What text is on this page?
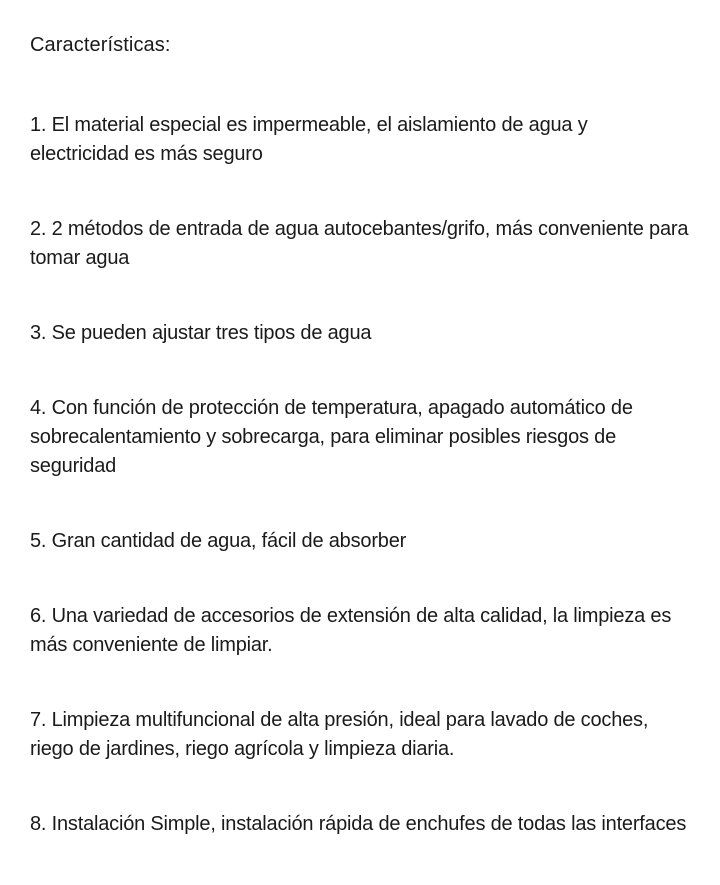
Características:
1. El material especial es impermeable, el aislamiento de agua y electricidad es más seguro
2. 2 métodos de entrada de agua autocebantes/grifo, más conveniente para tomar agua
3. Se pueden ajustar tres tipos de agua
4. Con función de protección de temperatura, apagado automático de sobrecalentamiento y sobrecarga, para eliminar posibles riesgos de seguridad
5. Gran cantidad de agua, fácil de absorber
6. Una variedad de accesorios de extensión de alta calidad, la limpieza es más conveniente de limpiar.
7. Limpieza multifuncional de alta presión, ideal para lavado de coches, riego de jardines, riego agrícola y limpieza diaria.
8. Instalación Simple, instalación rápida de enchufes de todas las interfaces
